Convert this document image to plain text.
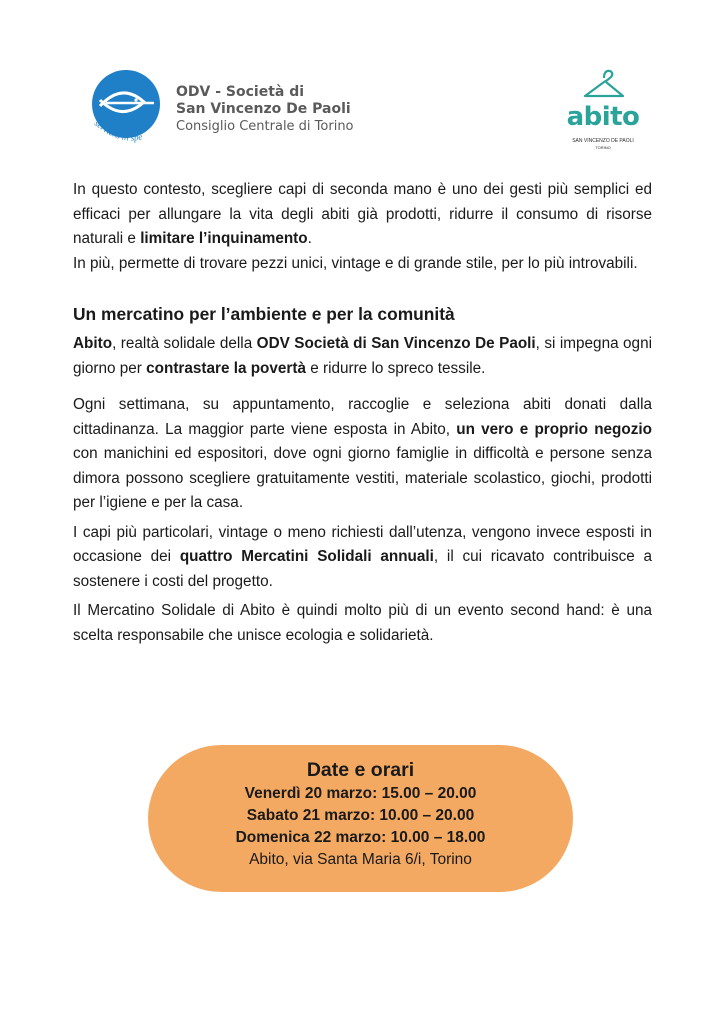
serviens in spe
ODV - Società di
San Vincenzo De Paoli
Consiglio Centrale di Torino	abito
SAN VINCENZO DE PAOLI
TORINO

In questo contesto, scegliere capi di seconda mano è uno dei gesti più semplici ed efficaci per allungare la vita degli abiti già prodotti, ridurre il consumo di risorse naturali e limitare l’inquinamento.
In più, permette di trovare pezzi unici, vintage e di grande stile, per lo più introvabili.

Un mercatino per l’ambiente e per la comunità

Abito, realtà solidale della ODV Società di San Vincenzo De Paoli, si impegna ogni giorno per contrastare la povertà e ridurre lo spreco tessile.

Ogni settimana, su appuntamento, raccoglie e seleziona abiti donati dalla cittadinanza. La maggior parte viene esposta in Abito, un vero e proprio negozio con manichini ed espositori, dove ogni giorno famiglie in difficoltà e persone senza dimora possono scegliere gratuitamente vestiti, materiale scolastico, giochi, prodotti per l’igiene e per la casa.

I capi più particolari, vintage o meno richiesti dall’utenza, vengono invece esposti in occasione dei quattro Mercatini Solidali annuali, il cui ricavato contribuisce a sostenere i costi del progetto.

Il Mercatino Solidale di Abito è quindi molto più di un evento second hand: è una scelta responsabile che unisce ecologia e solidarietà.

Date e orari
Venerdì 20 marzo: 15.00 – 20.00
Sabato 21 marzo: 10.00 – 20.00
Domenica 22 marzo: 10.00 – 18.00
Abito, via Santa Maria 6/i, Torino
